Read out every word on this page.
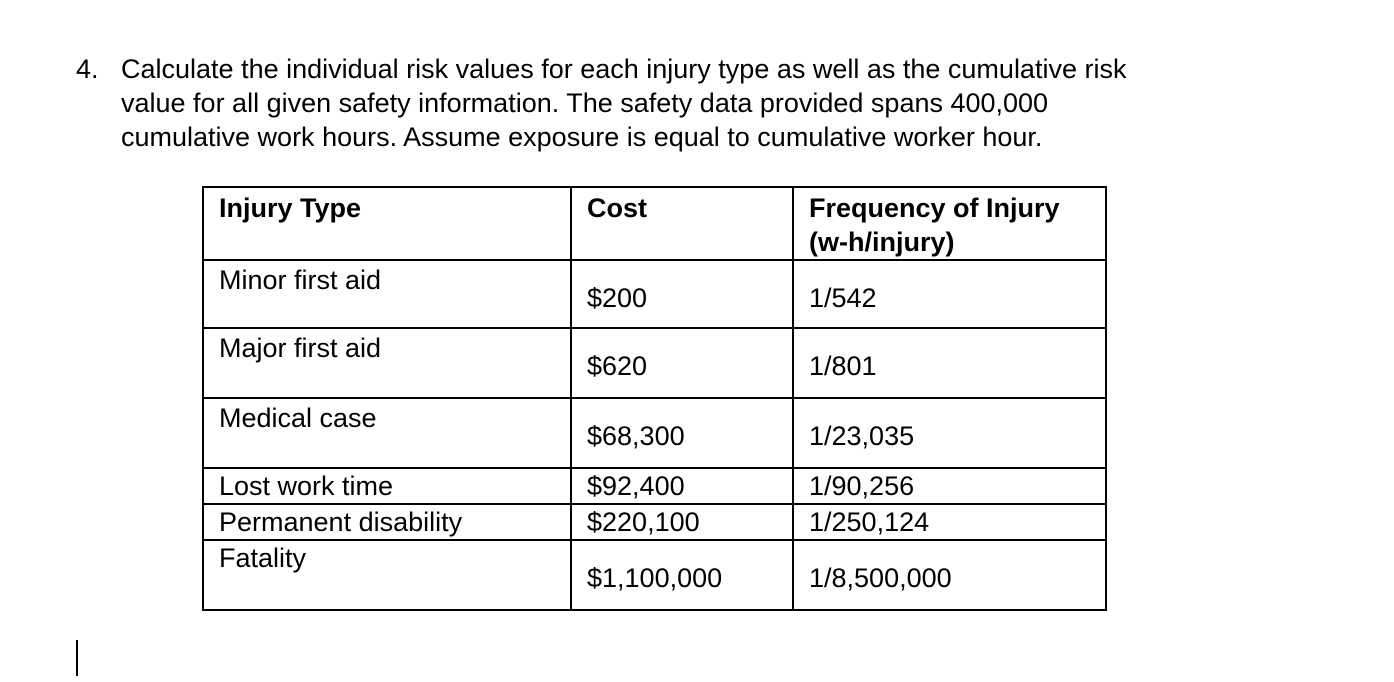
4. Calculate the individual risk values for each injury type as well as the cumulative risk
value for all given safety information. The safety data provided spans 400,000
cumulative work hours. Assume exposure is equal to cumulative worker hour.
Injury Type	Cost	Frequency of Injury
(w-h/injury)

Minor first aid	$200	1/542

Major first aid	$620	1/801

Medical case	$68,300	1/23,035

Lost work time	$92,400	1/90,256

Permanent disability	$220,100	1/250,124

Fatality	$1,100,000	1/8,500,000
